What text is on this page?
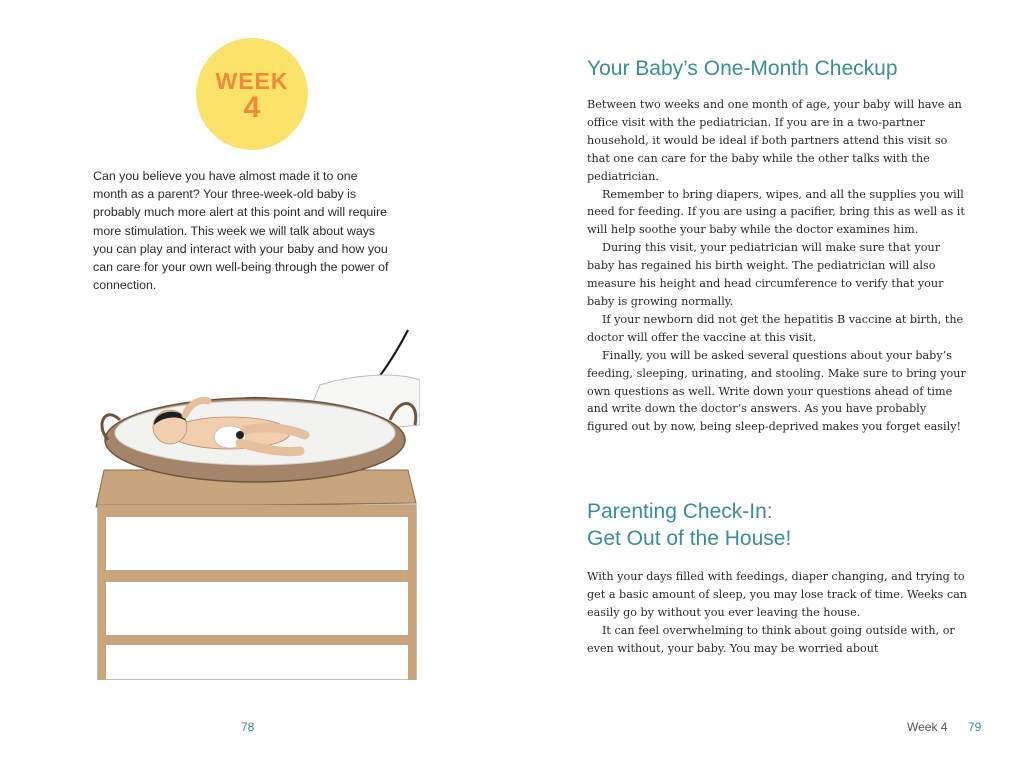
WEEK
4

Can you believe you have almost made it to one month as a parent? Your three-week-old baby is probably much more alert at this point and will require more stimulation. This week we will talk about ways you can play and interact with your baby and how you can care for your own well-being through the power of connection.

78
Your Baby’s One-Month Checkup

Between two weeks and one month of age, your baby will have an office visit with the pediatrician. If you are in a two-partner household, it would be ideal if both partners attend this visit so that one can care for the baby while the other talks with the pediatrician.

Remember to bring diapers, wipes, and all the supplies you will need for feeding. If you are using a pacifier, bring this as well as it will help soothe your baby while the doctor examines him.

During this visit, your pediatrician will make sure that your baby has regained his birth weight. The pediatrician will also measure his height and head circumference to verify that your baby is growing normally.

If your newborn did not get the hepatitis B vaccine at birth, the doctor will offer the vaccine at this visit.

Finally, you will be asked several questions about your baby’s feeding, sleeping, urinating, and stooling. Make sure to bring your own questions as well. Write down your questions ahead of time and write down the doctor’s answers. As you have probably figured out by now, being sleep-deprived makes you forget easily!

Parenting Check-In:
Get Out of the House!

With your days filled with feedings, diaper changing, and trying to get a basic amount of sleep, you may lose track of time. Weeks can easily go by without you ever leaving the house.

It can feel overwhelming to think about going outside with, or even without, your baby. You may be worried about

Week 4 79
